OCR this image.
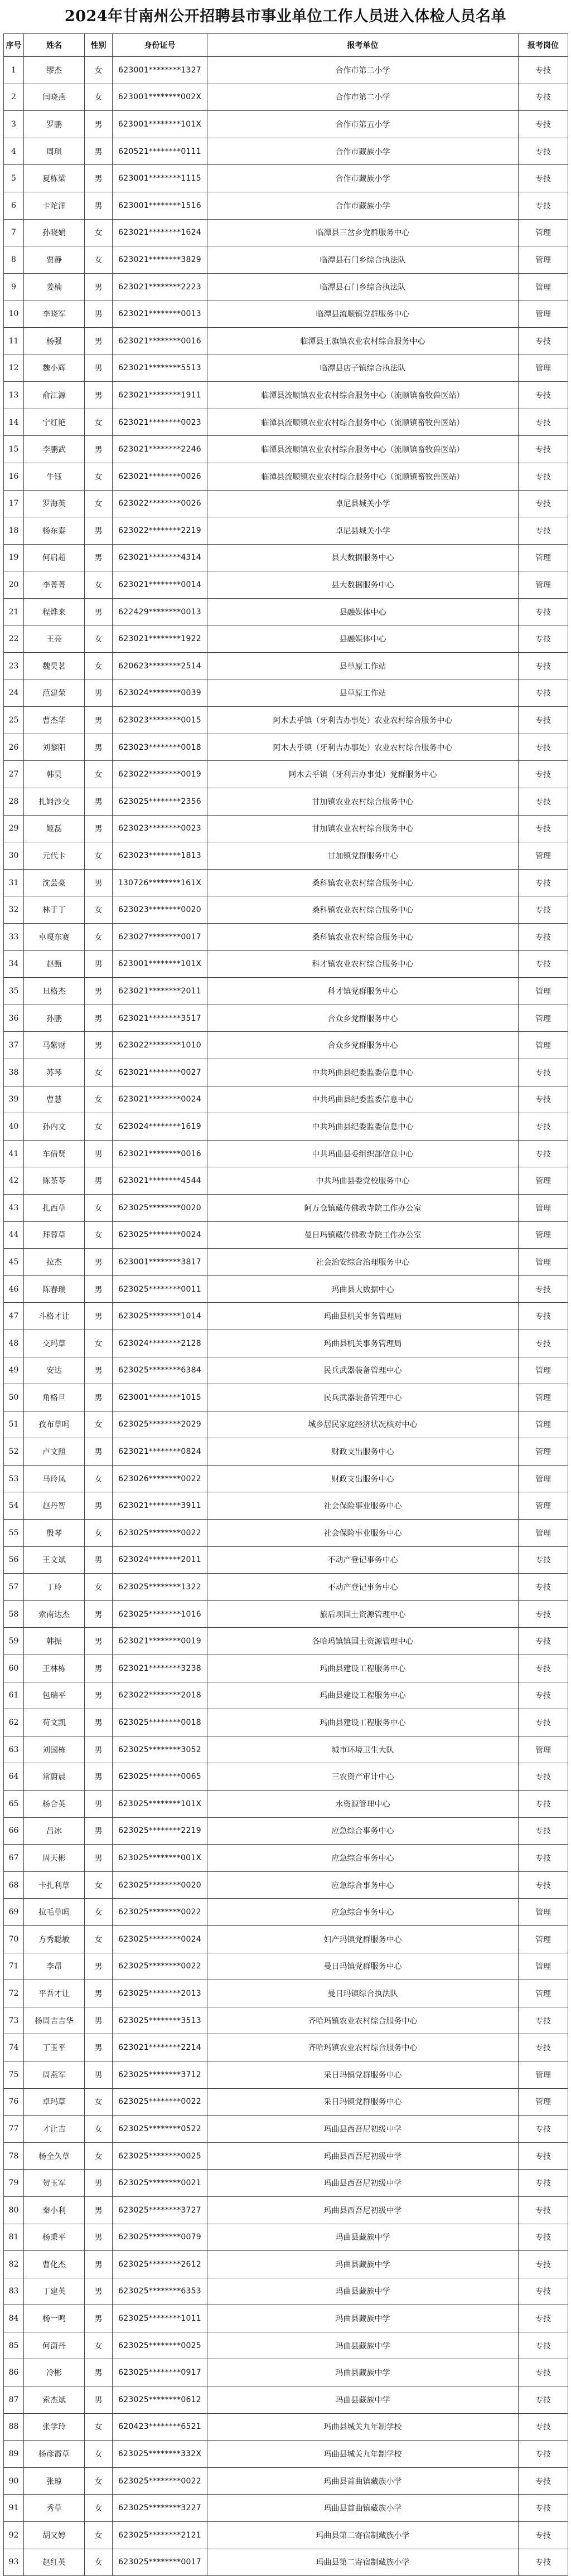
2024年甘南州公开招聘县市事业单位工作人员进入体检人员名单
序号	姓名	性别	身份证号	报考单位	报考岗位
1	缪杰	女	623001********1327	合作市第二小学	专技
2	闫晓燕	女	623001********002X	合作市第二小学	专技
3	罗鹏	男	623001********101X	合作市第五小学	专技
4	周琪	男	620521********0111	合作市藏族小学	专技
5	夏栋梁	男	623001********1115	合作市藏族小学	专技
6	卡陀洋	男	623001********1516	合作市藏族小学	专技
7	孙晓娟	女	623021********1624	临潭县三岔乡党群服务中心	管理
8	贾静	女	623021********3829	临潭县石门乡综合执法队	管理
9	姜楠	男	623021********2223	临潭县石门乡综合执法队	管理
10	李晓军	男	623021********0013	临潭县流顺镇党群服务中心	管理
11	杨强	男	623021********0016	临潭县王旗镇农业农村综合服务中心	专技
12	魏小辉	男	623021********5513	临潭县店子镇综合执法队	管理
13	俞江源	男	623021********1911	临潭县流顺镇农业农村综合服务中心（流顺镇畜牧兽医站）	专技
14	宁红艳	女	623021********0023	临潭县流顺镇农业农村综合服务中心（流顺镇畜牧兽医站）	专技
15	李鹏武	男	623021********2246	临潭县流顺镇农业农村综合服务中心（流顺镇畜牧兽医站）	专技
16	牛钰	女	623021********0026	临潭县流顺镇农业农村综合服务中心（流顺镇畜牧兽医站）	专技
17	罗海英	女	623022********0026	卓尼县城关小学	专技
18	杨东泰	男	623022********2219	卓尼县城关小学	专技
19	何启超	男	623021********4314	县大数据服务中心	管理
20	李菁菁	女	623021********0014	县大数据服务中心	管理
21	程烨来	男	622429********0013	县融媒体中心	专技
22	王亮	女	623021********1922	县融媒体中心	专技
23	魏昊茗	女	620623********2514	县草原工作站	专技
24	范建荣	男	623024********0039	县草原工作站	专技
25	曹杰华	男	623023********0015	阿木去乎镇（牙利吉办事处）农业农村综合服务中心	专技
26	刘黎阳	男	623023********0018	阿木去乎镇（牙利吉办事处）农业农村综合服务中心	专技
27	韩昊	女	623022********0019	阿木去乎镇（牙利吉办事处）党群服务中心	专技
28	扎姆沙交	男	623025********2356	甘加镇农业农村综合服务中心	专技
29	姬磊	男	623023********0023	甘加镇农业农村综合服务中心	专技
30	元代卡	女	623023********1813	甘加镇党群服务中心	管理
31	沈芸豪	男	130726********161X	桑科镇农业农村综合服务中心	专技
32	林于丁	女	623023********0020	桑科镇农业农村综合服务中心	专技
33	卓嘎东赛	女	623027********0017	桑科镇农业农村综合服务中心	专技
34	赵甄	男	623001********101X	科才镇农业农村综合服务中心	专技
35	旦格杰	男	623021********2011	科才镇党群服务中心	管理
36	孙鹏	男	623021********3517	合众乡党群服务中心	管理
37	马紫财	男	623022********1010	合众乡党群服务中心	管理
38	苏琴	女	623021********0027	中共玛曲县纪委监委信息中心	专技
39	曹慧	女	623021********0024	中共玛曲县纪委监委信息中心	专技
40	孙内文	女	623024********1619	中共玛曲县纪委监委信息中心	专技
41	车倩贤	男	623021********0016	中共玛曲县委组织部信息中心	专技
42	陈茶苓	男	623021********4544	中共玛曲县委党校服务中心	管理
43	扎西草	女	623025********0020	阿万仓镇藏传佛教寺院工作办公室	管理
44	拜蓉草	女	623025********0024	曼日玛镇藏传佛教寺院工作办公室	管理
45	拉杰	男	623001********3817	社会治安综合治理服务中心	管理
46	陈春瑞	男	623025********0011	玛曲县大数据中心	专技
47	斗格才让	男	623025********1014	玛曲县机关事务管理局	专技
48	交玛草	女	623024********2128	玛曲县机关事务管理局	专技
49	安达	男	623025********6384	民兵武器装备管理中心	管理
50	角格旦	男	623001********1015	民兵武器装备管理中心	管理
51	孜布草吗	女	623025********2029	城乡居民家庭经济状况核对中心	管理
52	卢文照	男	623021********0824	财政支出服务中心	管理
53	马玲凤	女	623026********0022	财政支出服务中心	管理
54	赵丹智	男	623021********3911	社会保险事业服务中心	管理
55	殷琴	女	623025********0022	社会保险事业服务中心	管理
56	王文斌	男	623024********2011	不动产登记事务中心	专技
57	丁玲	女	623025********1322	不动产登记事务中心	专技
58	索南达杰	男	623025********1016	旅后坝国土资源管理中心	专技
59	韩振	男	623021********0019	各哈玛镇镇国土资源管理中心	专技
60	王林栋	男	623021********3238	玛曲县建设工程服务中心	专技
61	包瑞平	男	623022********2018	玛曲县建设工程服务中心	专技
62	苟文凯	男	623025********0018	玛曲县建设工程服务中心	专技
63	刘国栋	男	623025********3052	城市环境卫生大队	管理
64	常蔚晨	男	623025********0065	三农资产审计中心	专技
65	杨合英	男	623025********101X	水资源管理中心	专技
66	吕冰	男	623025********2219	应急综合事务中心	专技
67	周天彬	男	623025********001X	应急综合事务中心	专技
68	卡扎利草	女	623025********0020	应急综合事务中心	专技
69	拉毛草吗	女	623025********0022	应急综合事务中心	管理
70	方秀聪敏	女	623025********0024	妇产玛镇党群服务中心	管理
71	李昂	男	623025********0022	曼日玛镇党群服务中心	管理
72	平吾才让	男	623025********2013	曼日玛镇综合执法队	管理
73	杨周吉吉华	男	623025********3513	齐哈玛镇农业农村综合服务中心	专技
74	丁玉平	男	623021********2214	齐哈玛镇农业农村综合服务中心	专技
75	周燕军	男	623025********3712	采日玛镇党群服务中心	管理
76	卓玛草	女	623025********0022	采日玛镇党群服务中心	管理
77	才让吉	女	623025********0522	玛曲县西吾尼初级中学	专技
78	杨全久草	女	623025********0025	玛曲县西吾尼初级中学	专技
79	贺玉军	男	623025********0021	玛曲县西吾尼初级中学	专技
80	秦小利	男	623025********3727	玛曲县西吾尼初级中学	专技
81	杨秉平	男	623025********0079	玛曲县藏族中学	专技
82	曹化杰	男	623025********2612	玛曲县藏族中学	专技
83	丁建英	男	623025********6353	玛曲县藏族中学	专技
84	杨一鸣	男	623025********1011	玛曲县藏族中学	专技
85	何潇丹	女	623025********0025	玛曲县藏族中学	专技
86	冷彬	男	623025********0917	玛曲县藏族中学	专技
87	索杰斌	男	623025********0612	玛曲县藏族中学	专技
88	张学玲	女	620423********6521	玛曲县城关九年制学校	专技
89	杨彦霞草	女	623025********332X	玛曲县城关九年制学校	专技
90	张琼	女	623025********0022	玛曲县首曲镇藏族小学	专技
91	秀草	女	623025********3227	玛曲县首曲镇藏族小学	专技
92	胡又婷	女	623025********2121	玛曲县第二寄宿制藏族小学	专技
93	赵红英	女	623025********0017	玛曲县第二寄宿制藏族小学	专技
